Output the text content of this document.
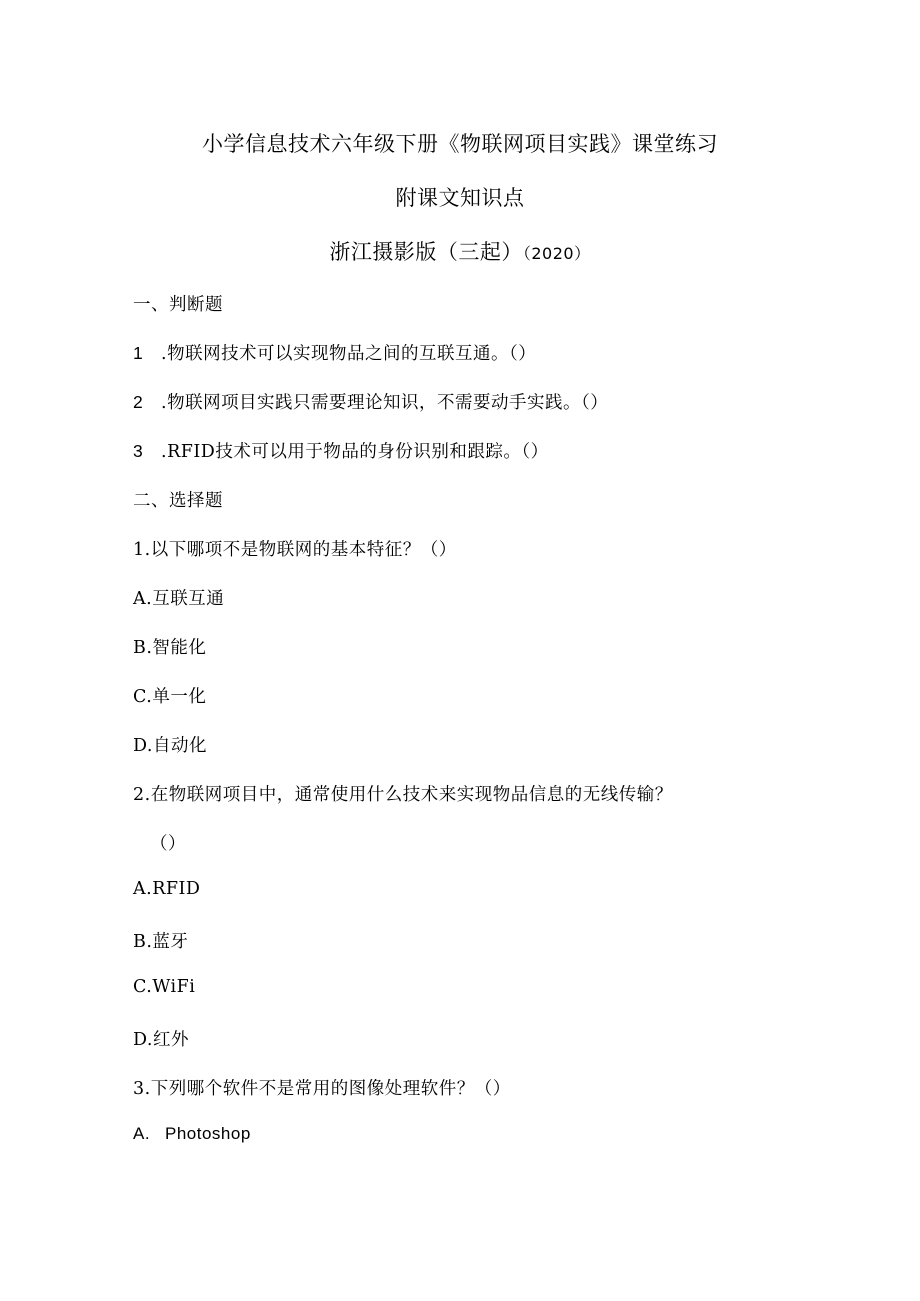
小学信息技术六年级下册《物联网项目实践》课堂练习
附课文知识点
浙江摄影版（三起）（2020）
一、判断题
1 .物联网技术可以实现物品之间的互联互通。（）
2 .物联网项目实践只需要理论知识，不需要动手实践。（）
3 .RFID技术可以用于物品的身份识别和跟踪。（）
二、选择题
1.以下哪项不是物联网的基本特征？（）
A.互联互通
B.智能化
C.单一化
D.自动化
2.在物联网项目中，通常使用什么技术来实现物品信息的无线传输？
（）
A.RFID
B.蓝牙
C.WiFi
D.红外
3.下列哪个软件不是常用的图像处理软件？（）
A. Photoshop
